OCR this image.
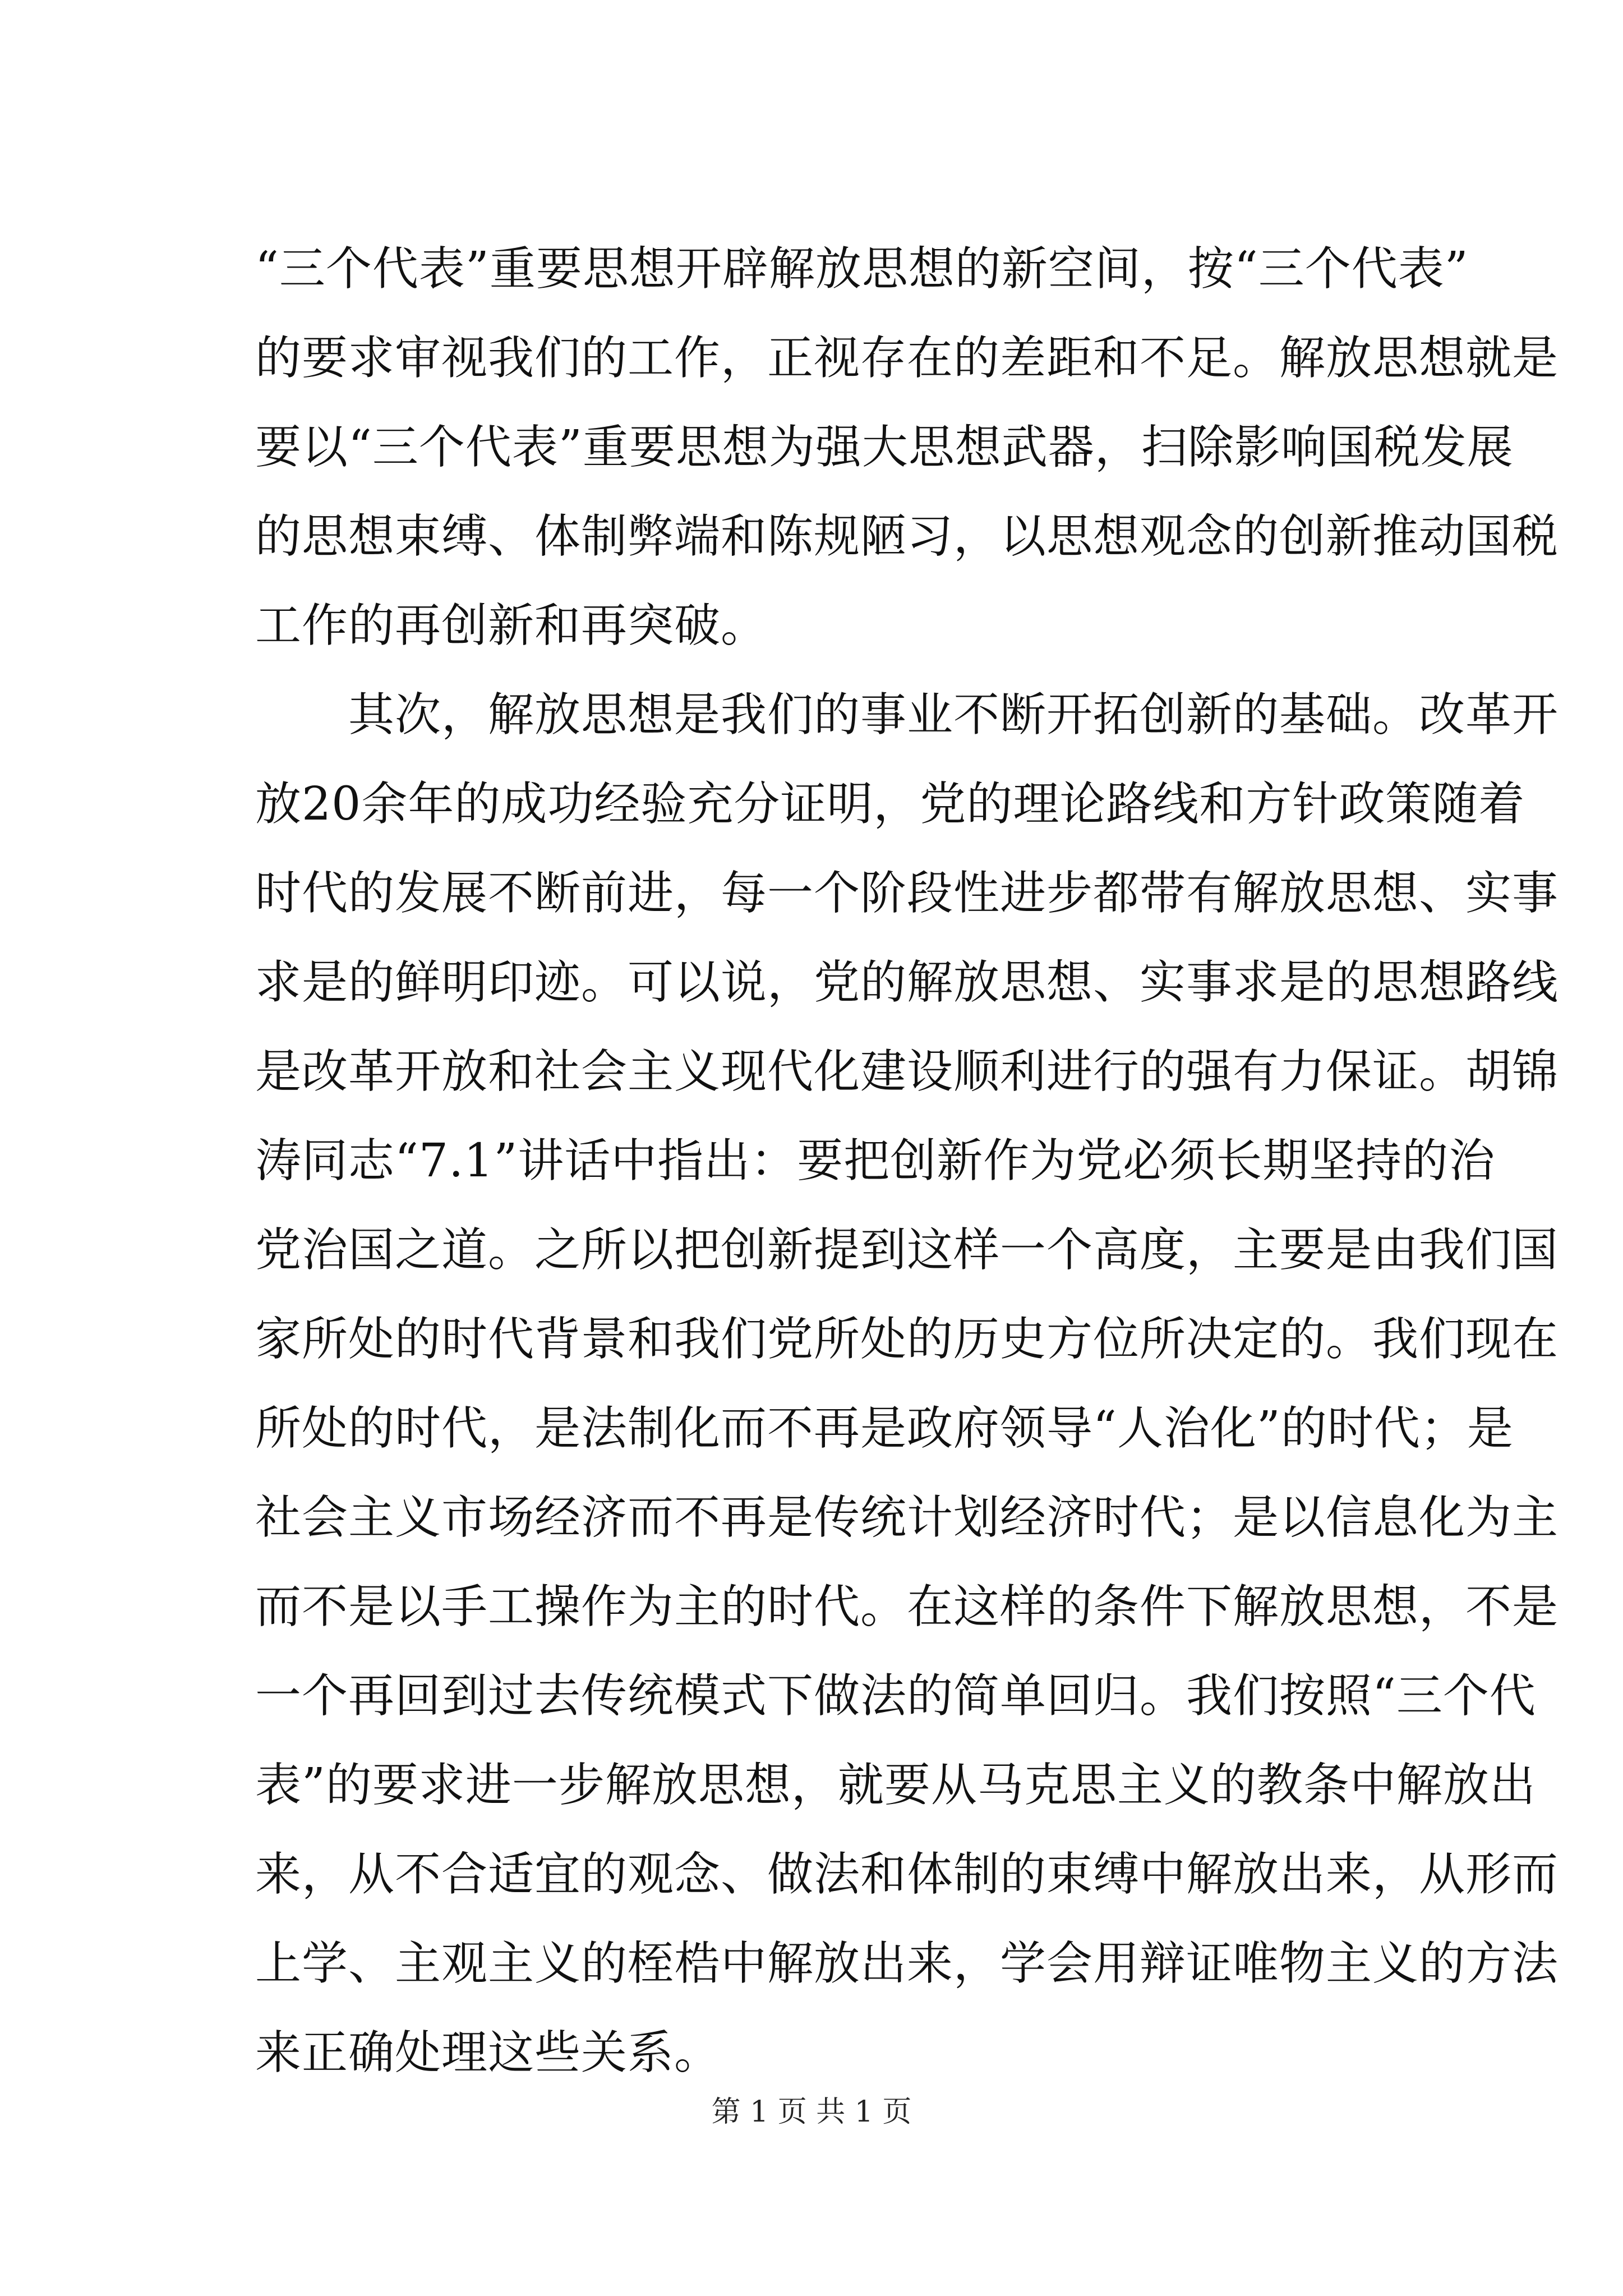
“三个代表”重要思想开辟解放思想的新空间，按“三个代表”
的要求审视我们的工作，正视存在的差距和不足。解放思想就是
要以“三个代表”重要思想为强大思想武器，扫除影响国税发展
的思想束缚、体制弊端和陈规陋习，以思想观念的创新推动国税
工作的再创新和再突破。
　　其次，解放思想是我们的事业不断开拓创新的基础。改革开
放20余年的成功经验充分证明，党的理论路线和方针政策随着
时代的发展不断前进，每一个阶段性进步都带有解放思想、实事
求是的鲜明印迹。可以说，党的解放思想、实事求是的思想路线
是改革开放和社会主义现代化建设顺利进行的强有力保证。胡锦
涛同志“7.1”讲话中指出：要把创新作为党必须长期坚持的治
党治国之道。之所以把创新提到这样一个高度，主要是由我们国
家所处的时代背景和我们党所处的历史方位所决定的。我们现在
所处的时代，是法制化而不再是政府领导“人治化”的时代；是
社会主义市场经济而不再是传统计划经济时代；是以信息化为主
而不是以手工操作为主的时代。在这样的条件下解放思想，不是
一个再回到过去传统模式下做法的简单回归。我们按照“三个代
表”的要求进一步解放思想，就要从马克思主义的教条中解放出
来，从不合适宜的观念、做法和体制的束缚中解放出来，从形而
上学、主观主义的桎梏中解放出来，学会用辩证唯物主义的方法
来正确处理这些关系。
第 1 页 共 1 页
